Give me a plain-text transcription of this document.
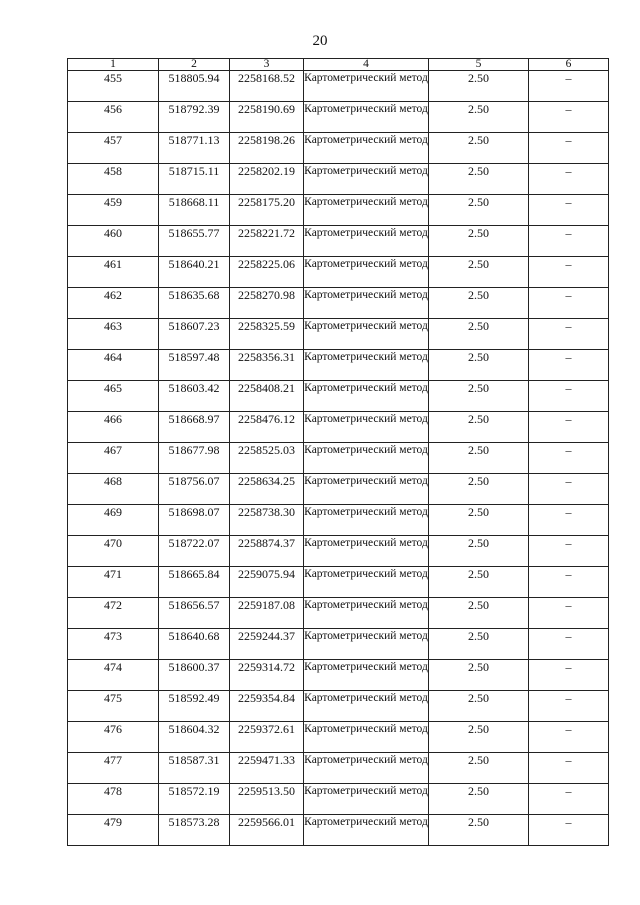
20
1	2	3	4	5	6
455	518805.94	2258168.52	Картометрический метод	2.50	–
456	518792.39	2258190.69	Картометрический метод	2.50	–
457	518771.13	2258198.26	Картометрический метод	2.50	–
458	518715.11	2258202.19	Картометрический метод	2.50	–
459	518668.11	2258175.20	Картометрический метод	2.50	–
460	518655.77	2258221.72	Картометрический метод	2.50	–
461	518640.21	2258225.06	Картометрический метод	2.50	–
462	518635.68	2258270.98	Картометрический метод	2.50	–
463	518607.23	2258325.59	Картометрический метод	2.50	–
464	518597.48	2258356.31	Картометрический метод	2.50	–
465	518603.42	2258408.21	Картометрический метод	2.50	–
466	518668.97	2258476.12	Картометрический метод	2.50	–
467	518677.98	2258525.03	Картометрический метод	2.50	–
468	518756.07	2258634.25	Картометрический метод	2.50	–
469	518698.07	2258738.30	Картометрический метод	2.50	–
470	518722.07	2258874.37	Картометрический метод	2.50	–
471	518665.84	2259075.94	Картометрический метод	2.50	–
472	518656.57	2259187.08	Картометрический метод	2.50	–
473	518640.68	2259244.37	Картометрический метод	2.50	–
474	518600.37	2259314.72	Картометрический метод	2.50	–
475	518592.49	2259354.84	Картометрический метод	2.50	–
476	518604.32	2259372.61	Картометрический метод	2.50	–
477	518587.31	2259471.33	Картометрический метод	2.50	–
478	518572.19	2259513.50	Картометрический метод	2.50	–
479	518573.28	2259566.01	Картометрический метод	2.50	–
